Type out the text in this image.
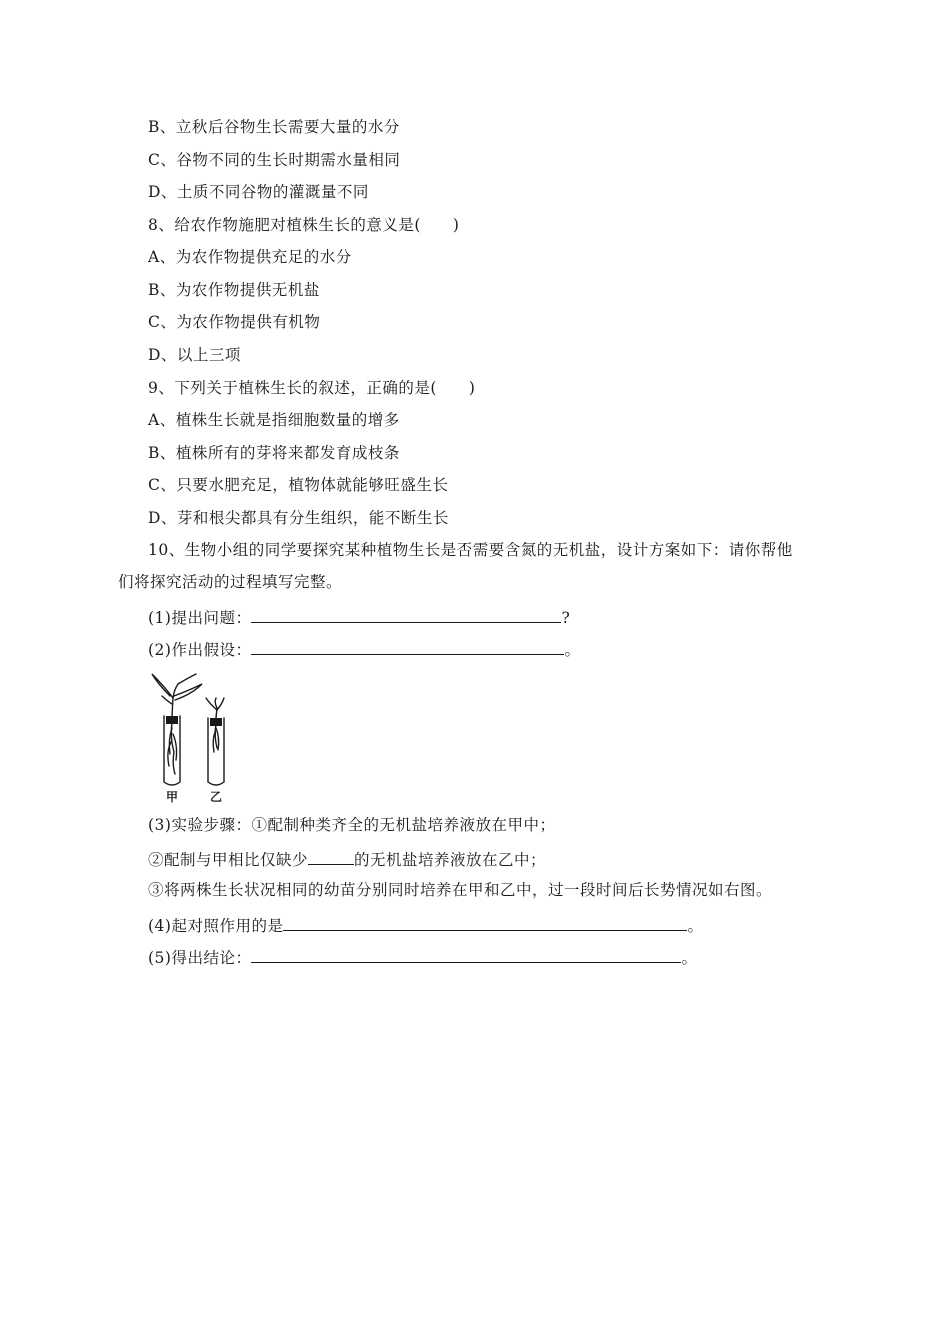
B、立秋后谷物生长需要大量的水分
C、谷物不同的生长时期需水量相同
D、土质不同谷物的灌溉量不同
8、给农作物施肥对植株生长的意义是(　　)
A、为农作物提供充足的水分
B、为农作物提供无机盐
C、为农作物提供有机物
D、以上三项
9、下列关于植株生长的叙述，正确的是(　　)
A、植株生长就是指细胞数量的增多
B、植株所有的芽将来都发育成枝条
C、只要水肥充足，植物体就能够旺盛生长
D、芽和根尖都具有分生组织，能不断生长
10、生物小组的同学要探究某种植物生长是否需要含氮的无机盐，设计方案如下：请你帮他
们将探究活动的过程填写完整。
(1)提出问题：	?
(2)作出假设：	。
甲	乙
(3)实验步骤：①配制种类齐全的无机盐培养液放在甲中；
②配制与甲相比仅缺少	的无机盐培养液放在乙中；
③将两株生长状况相同的幼苗分别同时培养在甲和乙中，过一段时间后长势情况如右图。
(4)起对照作用的是	。
(5)得出结论：	。
